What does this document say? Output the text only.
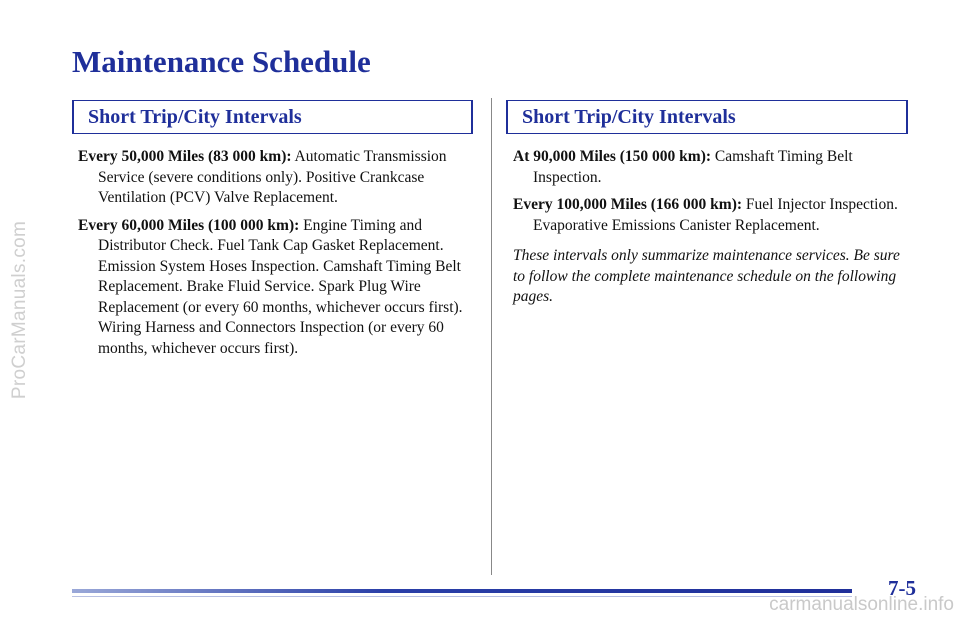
ProCarManuals.com
Maintenance Schedule
Short Trip/City Intervals	Short Trip/City Intervals

Every 50,000 Miles (83 000 km): Automatic Transmission Service (severe conditions only). Positive Crankcase Ventilation (PCV) Valve Replacement.

Every 60,000 Miles (100 000 km): Engine Timing and Distributor Check. Fuel Tank Cap Gasket Replacement. Emission System Hoses Inspection. Camshaft Timing Belt Replacement. Brake Fluid Service. Spark Plug Wire Replacement (or every 60 months, whichever occurs first). Wiring Harness and Connectors Inspection (or every 60 months, whichever occurs first).

At 90,000 Miles (150 000 km): Camshaft Timing Belt Inspection.

Every 100,000 Miles (166 000 km): Fuel Injector Inspection. Evaporative Emissions Canister Replacement.

These intervals only summarize maintenance services. Be sure to follow the complete maintenance schedule on the following pages.

7-5
carmanualsonline.info
